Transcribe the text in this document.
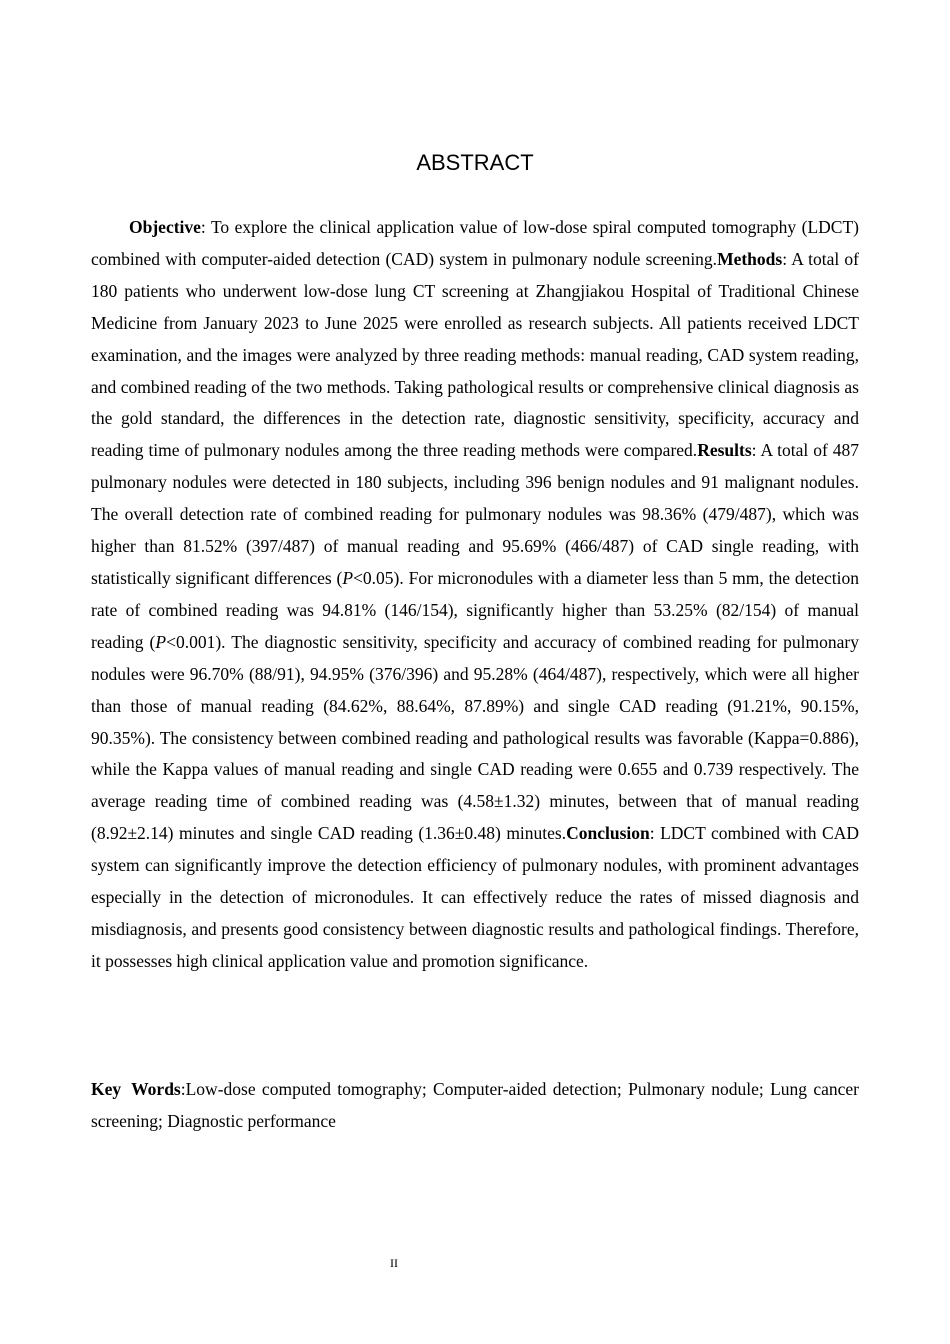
ABSTRACT

Objective: To explore the clinical application value of low-dose spiral computed tomography (LDCT) combined with computer-aided detection (CAD) system in pulmonary nodule screening.Methods: A total of 180 patients who underwent low-dose lung CT screening at Zhangjiakou Hospital of Traditional Chinese Medicine from January 2023 to June 2025 were enrolled as research subjects. All patients received LDCT examination, and the images were analyzed by three reading methods: manual reading, CAD system reading, and combined reading of the two methods. Taking pathological results or comprehensive clinical diagnosis as the gold standard, the differences in the detection rate, diagnostic sensitivity, specificity, accuracy and reading time of pulmonary nodules among the three reading methods were compared.Results: A total of 487 pulmonary nodules were detected in 180 subjects, including 396 benign nodules and 91 malignant nodules. The overall detection rate of combined reading for pulmonary nodules was 98.36% (479/487), which was higher than 81.52% (397/487) of manual reading and 95.69% (466/487) of CAD single reading, with statistically significant differences (P<0.05). For micronodules with a diameter less than 5 mm, the detection rate of combined reading was 94.81% (146/154), significantly higher than 53.25% (82/154) of manual reading (P<0.001). The diagnostic sensitivity, specificity and accuracy of combined reading for pulmonary nodules were 96.70% (88/91), 94.95% (376/396) and 95.28% (464/487), respectively, which were all higher than those of manual reading (84.62%, 88.64%, 87.89%) and single CAD reading (91.21%, 90.15%, 90.35%). The consistency between combined reading and pathological results was favorable (Kappa=0.886), while the Kappa values of manual reading and single CAD reading were 0.655 and 0.739 respectively. The average reading time of combined reading was (4.58±1.32) minutes, between that of manual reading (8.92±2.14) minutes and single CAD reading (1.36±0.48) minutes.Conclusion: LDCT combined with CAD system can significantly improve the detection efficiency of pulmonary nodules, with prominent advantages especially in the detection of micronodules. It can effectively reduce the rates of missed diagnosis and misdiagnosis, and presents good consistency between diagnostic results and pathological findings. Therefore, it possesses high clinical application value and promotion significance.

Key Words:Low-dose computed tomography; Computer-aided detection; Pulmonary nodule; Lung cancer screening; Diagnostic performance

II
